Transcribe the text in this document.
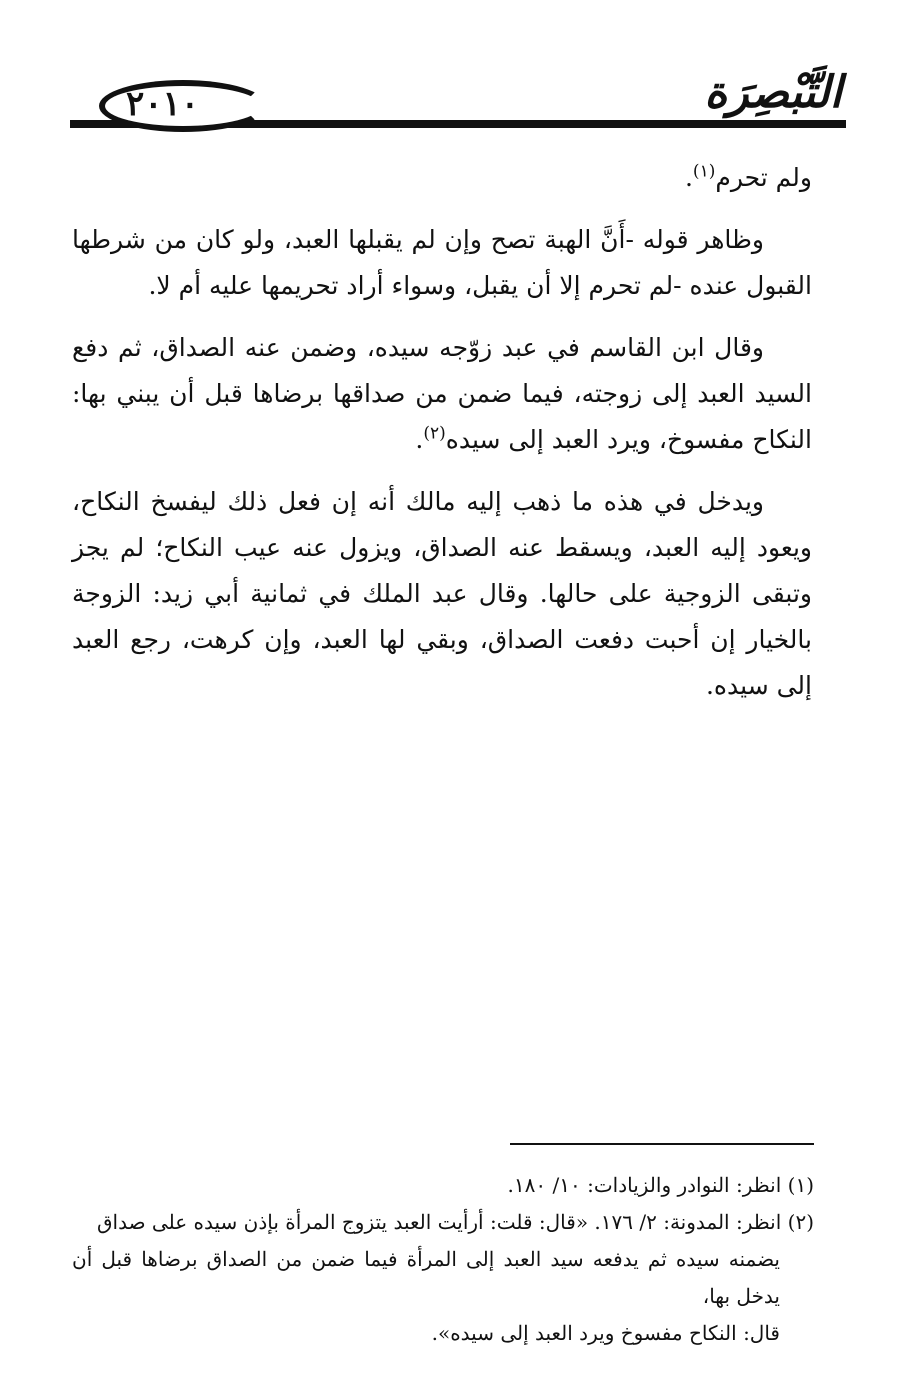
٢٠١٠	التَّبْصِرَة

ولم تحرم$^{(١)}$.

وظاهر قوله -أَنَّ الهبة تصح وإن لم يقبلها العبد، ولو كان من شرطها القبول عنده -لم تحرم إلا أن يقبل، وسواء أراد تحريمها عليه أم لا.

وقال ابن القاسم في عبد زوّجه سيده، وضمن عنه الصداق، ثم دفع السيد العبد إلى زوجته، فيما ضمن من صداقها برضاها قبل أن يبني بها: النكاح مفسوخ، ويرد العبد إلى سيده$^{(٢)}$.

ويدخل في هذه ما ذهب إليه مالك أنه إن فعل ذلك ليفسخ النكاح، ويعود إليه العبد، ويسقط عنه الصداق، ويزول عنه عيب النكاح؛ لم يجز وتبقى الزوجية على حالها. وقال عبد الملك في ثمانية أبي زيد: الزوجة بالخيار إن أحبت دفعت الصداق، وبقي لها العبد، وإن كرهت، رجع العبد إلى سيده.

(١) انظر: النوادر والزيادات: ١٠/ ١٨٠.

(٢) انظر: المدونة: ٢/ ١٧٦. «قال: قلت: أرأيت العبد يتزوج المرأة بإذن سيده على صداق

يضمنه سيده ثم يدفعه سيد العبد إلى المرأة فيما ضمن من الصداق برضاها قبل أن يدخل بها،

قال: النكاح مفسوخ ويرد العبد إلى سيده».
